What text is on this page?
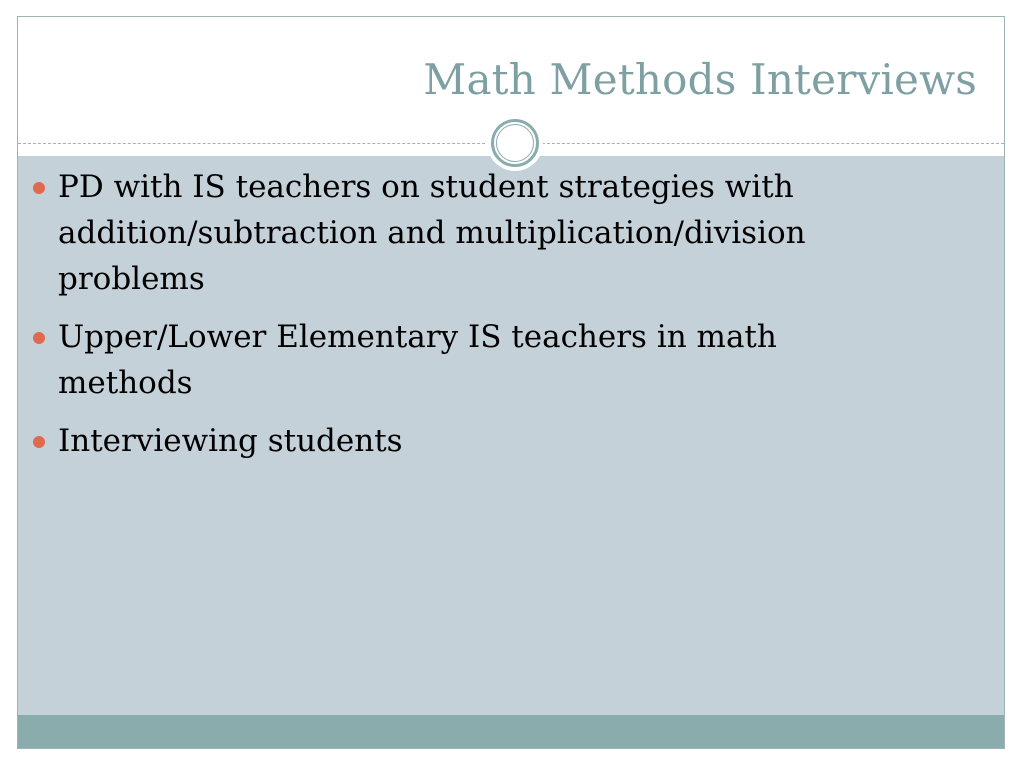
Math Methods Interviews
PD with IS teachers on student strategies with addition/subtraction and multiplication/division problems
Upper/Lower Elementary IS teachers in math methods
Interviewing students
